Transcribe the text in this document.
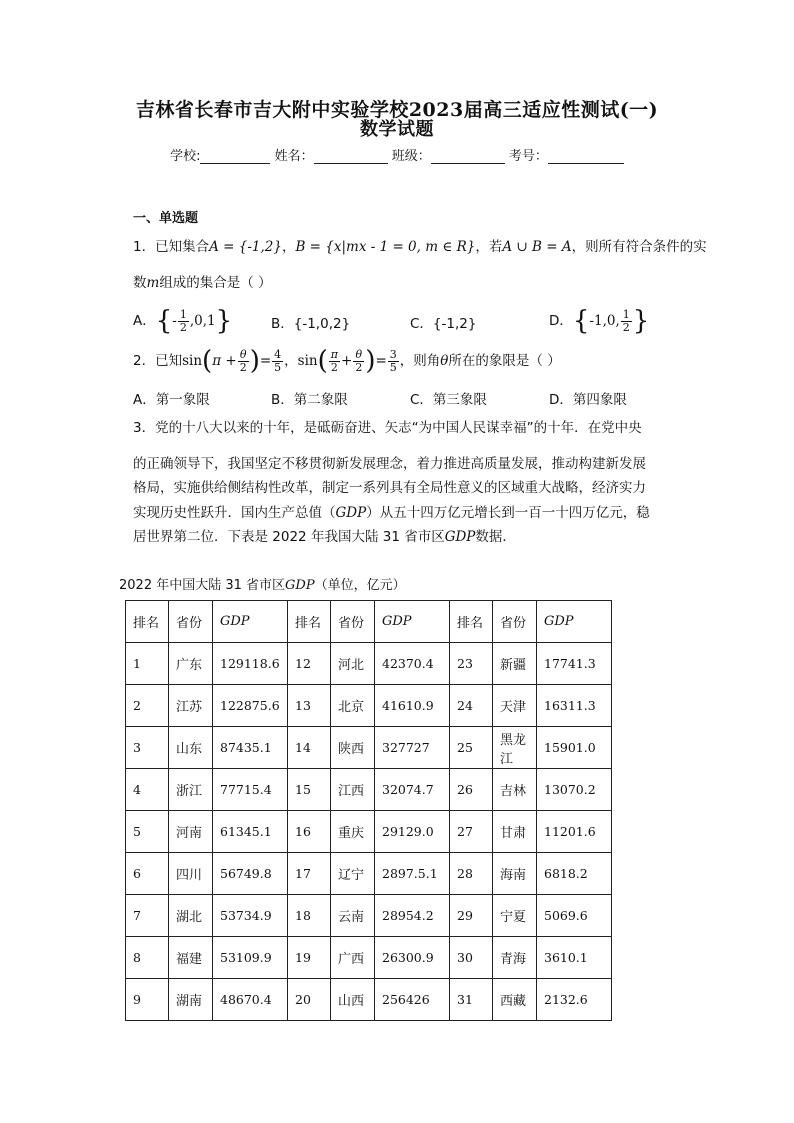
吉林省长春市吉大附中实验学校2023届高三适应性测试(一)
数学试题
学校:	姓名：	班级：	考号：
一、单选题
1．已知集合A = {-1,2}，B = {x|mx - 1 = 0, m ∈ R}，若A ∪ B = A，则所有符合条件的实
数m组成的集合是（ ）
A．{- $\frac{1}{2} ,0,1$}	B．{-1,0,2}	C．{-1,2}	D．{-1,0, $\frac{1}{2}$ }
2．已知$\sin(\pi + \frac{\theta}{2}$ )= $\frac{4}{5}$ ，$\sin( \frac{\pi}{2} + \frac{\theta}{2}$ )= $\frac{3}{5}$ ，则角θ所在的象限是（ ）
A．第一象限	B．第二象限	C．第三象限	D．第四象限
3．党的十八大以来的十年，是砥砺奋进、矢志“为中国人民谋幸福”的十年．在党中央
的正确领导下，我国坚定不移贯彻新发展理念，着力推进高质量发展，推动构建新发展
格局，实施供给侧结构性改革，制定一系列具有全局性意义的区域重大战略，经济实力
实现历史性跃升．国内生产总值（GDP）从五十四万亿元增长到一百一十四万亿元，稳
居世界第二位．下表是 2022 年我国大陆 31 省市区GDP数据．
2022 年中国大陆 31 省市区GDP（单位，亿元）
排名	省份	GDP	排名	省份	GDP	排名	省份	GDP
1	广东	129118.6	12	河北	42370.4	23	新疆	17741.3
2	江苏	122875.6	13	北京	41610.9	24	天津	16311.3
3	山东	87435.1	14	陕西	327727	25	黑龙江	15901.0
4	浙江	77715.4	15	江西	32074.7	26	吉林	13070.2
5	河南	61345.1	16	重庆	29129.0	27	甘肃	11201.6
6	四川	56749.8	17	辽宁	2897.5.1	28	海南	6818.2
7	湖北	53734.9	18	云南	28954.2	29	宁夏	5069.6
8	福建	53109.9	19	广西	26300.9	30	青海	3610.1
9	湖南	48670.4	20	山西	256426	31	西藏	2132.6
